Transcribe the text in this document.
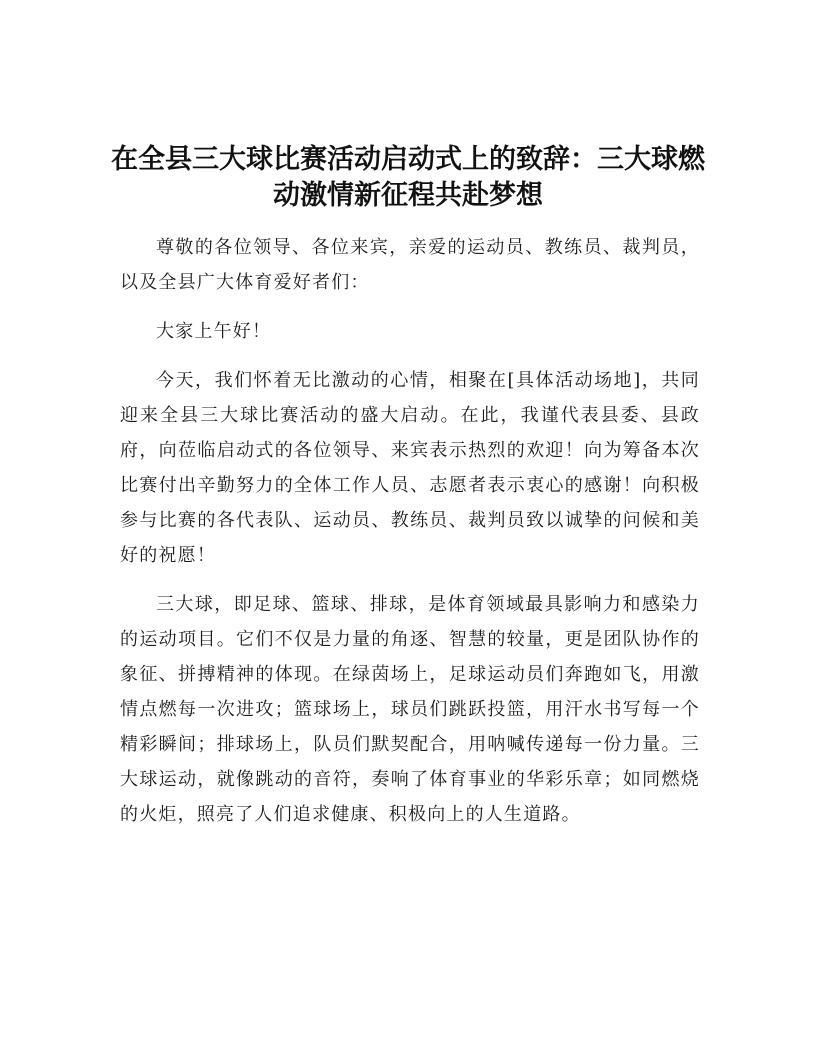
在全县三大球比赛活动启动式上的致辞：三大球燃动激情新征程共赴梦想

尊敬的各位领导、各位来宾，亲爱的运动员、教练员、裁判员，以及全县广大体育爱好者们：

大家上午好！

今天，我们怀着无比激动的心情，相聚在[具体活动场地]，共同迎来全县三大球比赛活动的盛大启动。在此，我谨代表县委、县政府，向莅临启动式的各位领导、来宾表示热烈的欢迎！向为筹备本次比赛付出辛勤努力的全体工作人员、志愿者表示衷心的感谢！向积极参与比赛的各代表队、运动员、教练员、裁判员致以诚挚的问候和美好的祝愿！

三大球，即足球、篮球、排球，是体育领域最具影响力和感染力的运动项目。它们不仅是力量的角逐、智慧的较量，更是团队协作的象征、拼搏精神的体现。在绿茵场上，足球运动员们奔跑如飞，用激情点燃每一次进攻；篮球场上，球员们跳跃投篮，用汗水书写每一个精彩瞬间；排球场上，队员们默契配合，用呐喊传递每一份力量。三大球运动，就像跳动的音符，奏响了体育事业的华彩乐章；如同燃烧的火炬，照亮了人们追求健康、积极向上的人生道路。
